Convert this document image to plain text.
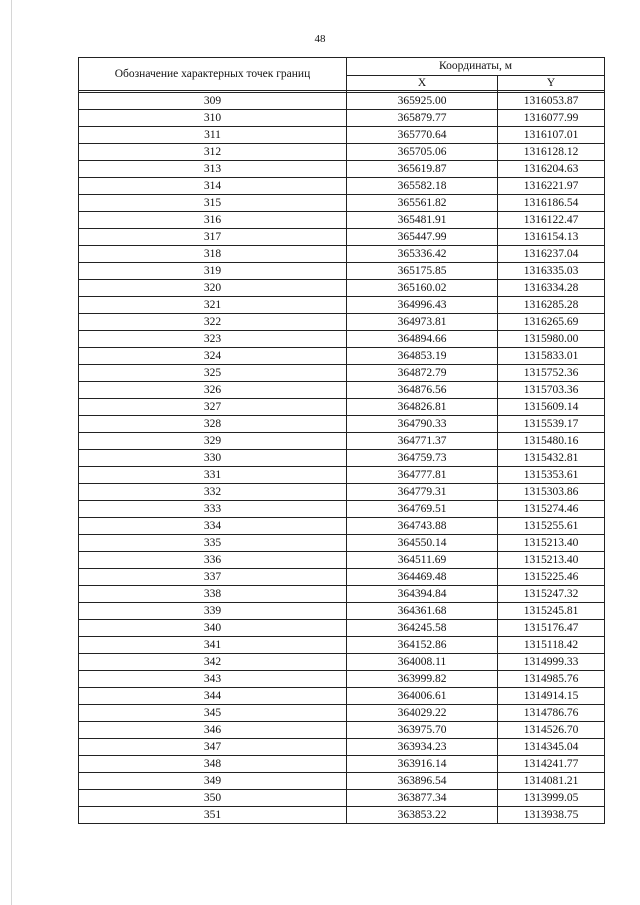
48
Обозначение характерных точек границ	Координаты, м	
	X	Y

309	365925.00	1316053.87
310	365879.77	1316077.99
311	365770.64	1316107.01
312	365705.06	1316128.12
313	365619.87	1316204.63
314	365582.18	1316221.97
315	365561.82	1316186.54
316	365481.91	1316122.47
317	365447.99	1316154.13
318	365336.42	1316237.04
319	365175.85	1316335.03
320	365160.02	1316334.28
321	364996.43	1316285.28
322	364973.81	1316265.69
323	364894.66	1315980.00
324	364853.19	1315833.01
325	364872.79	1315752.36
326	364876.56	1315703.36
327	364826.81	1315609.14
328	364790.33	1315539.17
329	364771.37	1315480.16
330	364759.73	1315432.81
331	364777.81	1315353.61
332	364779.31	1315303.86
333	364769.51	1315274.46
334	364743.88	1315255.61
335	364550.14	1315213.40
336	364511.69	1315213.40
337	364469.48	1315225.46
338	364394.84	1315247.32
339	364361.68	1315245.81
340	364245.58	1315176.47
341	364152.86	1315118.42
342	364008.11	1314999.33
343	363999.82	1314985.76
344	364006.61	1314914.15
345	364029.22	1314786.76
346	363975.70	1314526.70
347	363934.23	1314345.04
348	363916.14	1314241.77
349	363896.54	1314081.21
350	363877.34	1313999.05
351	363853.22	1313938.75
